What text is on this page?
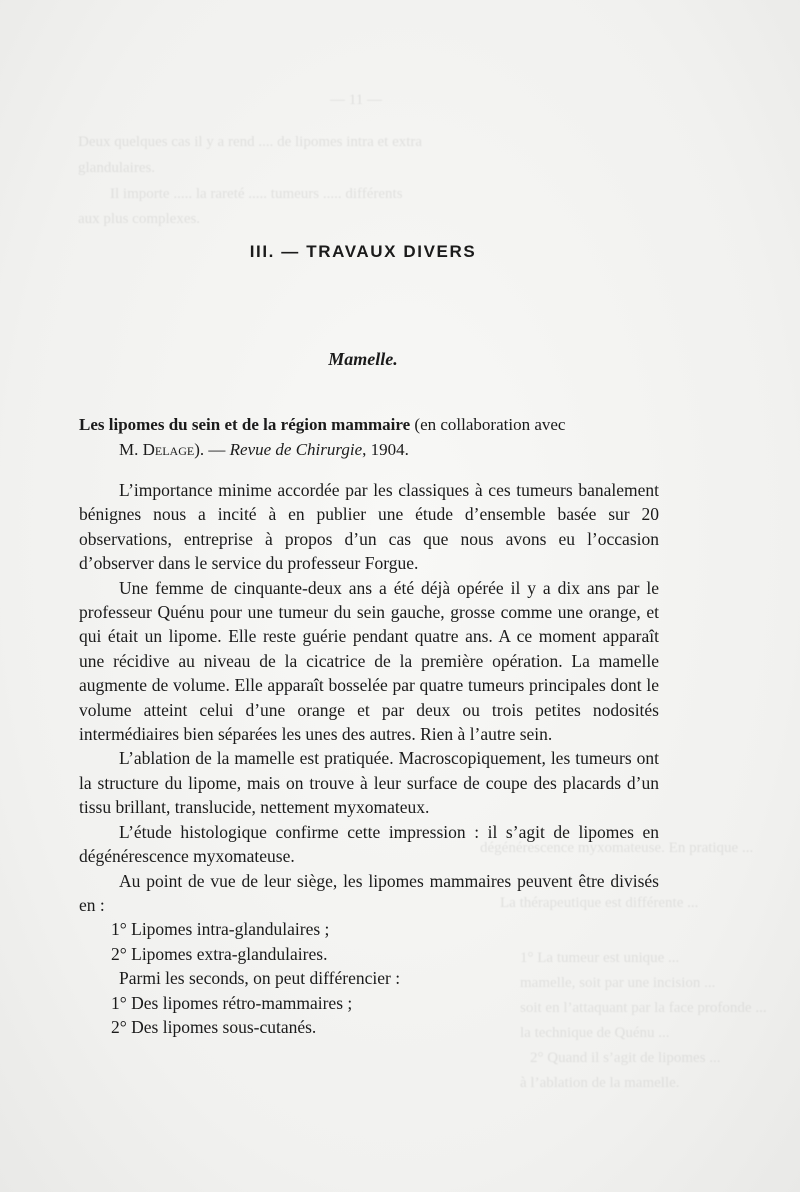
— 11 —
Deux quelques cas il y a rend .... de lipomes intra et extra
glandulaires.
Il importe ..... la rareté ..... tumeurs ..... différents
aux plus complexes.
dégénérescence myxomateuse. En pratique ...
La thérapeutique est différente ...
1° La tumeur est unique ...
mamelle, soit par une incision ...
soit en l’attaquant par la face profonde ...
la technique de Quénu ...
2° Quand il s’agit de lipomes ...
à l’ablation de la mamelle.
III. — TRAVAUX DIVERS
Mamelle.
Les lipomes du sein et de la région mammaire (en collaboration avec
M. Delage). — Revue de Chirurgie, 1904.

L’importance minime accordée par les classiques à ces tumeurs banalement bénignes nous a incité à en publier une étude d’ensemble basée sur 20 observations, entreprise à propos d’un cas que nous avons eu l’occasion d’observer dans le service du professeur Forgue.

Une femme de cinquante-deux ans a été déjà opérée il y a dix ans par le professeur Quénu pour une tumeur du sein gauche, grosse comme une orange, et qui était un lipome. Elle reste guérie pendant quatre ans. A ce moment apparaît une récidive au niveau de la cicatrice de la première opération. La mamelle augmente de volume. Elle apparaît bosselée par quatre tumeurs principales dont le volume atteint celui d’une orange et par deux ou trois petites nodosités intermédiaires bien séparées les unes des autres. Rien à l’autre sein.

L’ablation de la mamelle est pratiquée. Macroscopiquement, les tumeurs ont la structure du lipome, mais on trouve à leur surface de coupe des placards d’un tissu brillant, translucide, nettement myxomateux.

L’étude histologique confirme cette impression : il s’agit de lipomes en dégénérescence myxomateuse.

Au point de vue de leur siège, les lipomes mammaires peuvent être divisés en :

1° Lipomes intra-glandulaires ;

2° Lipomes extra-glandulaires.

Parmi les seconds, on peut différencier :

1° Des lipomes rétro-mammaires ;

2° Des lipomes sous-cutanés.
